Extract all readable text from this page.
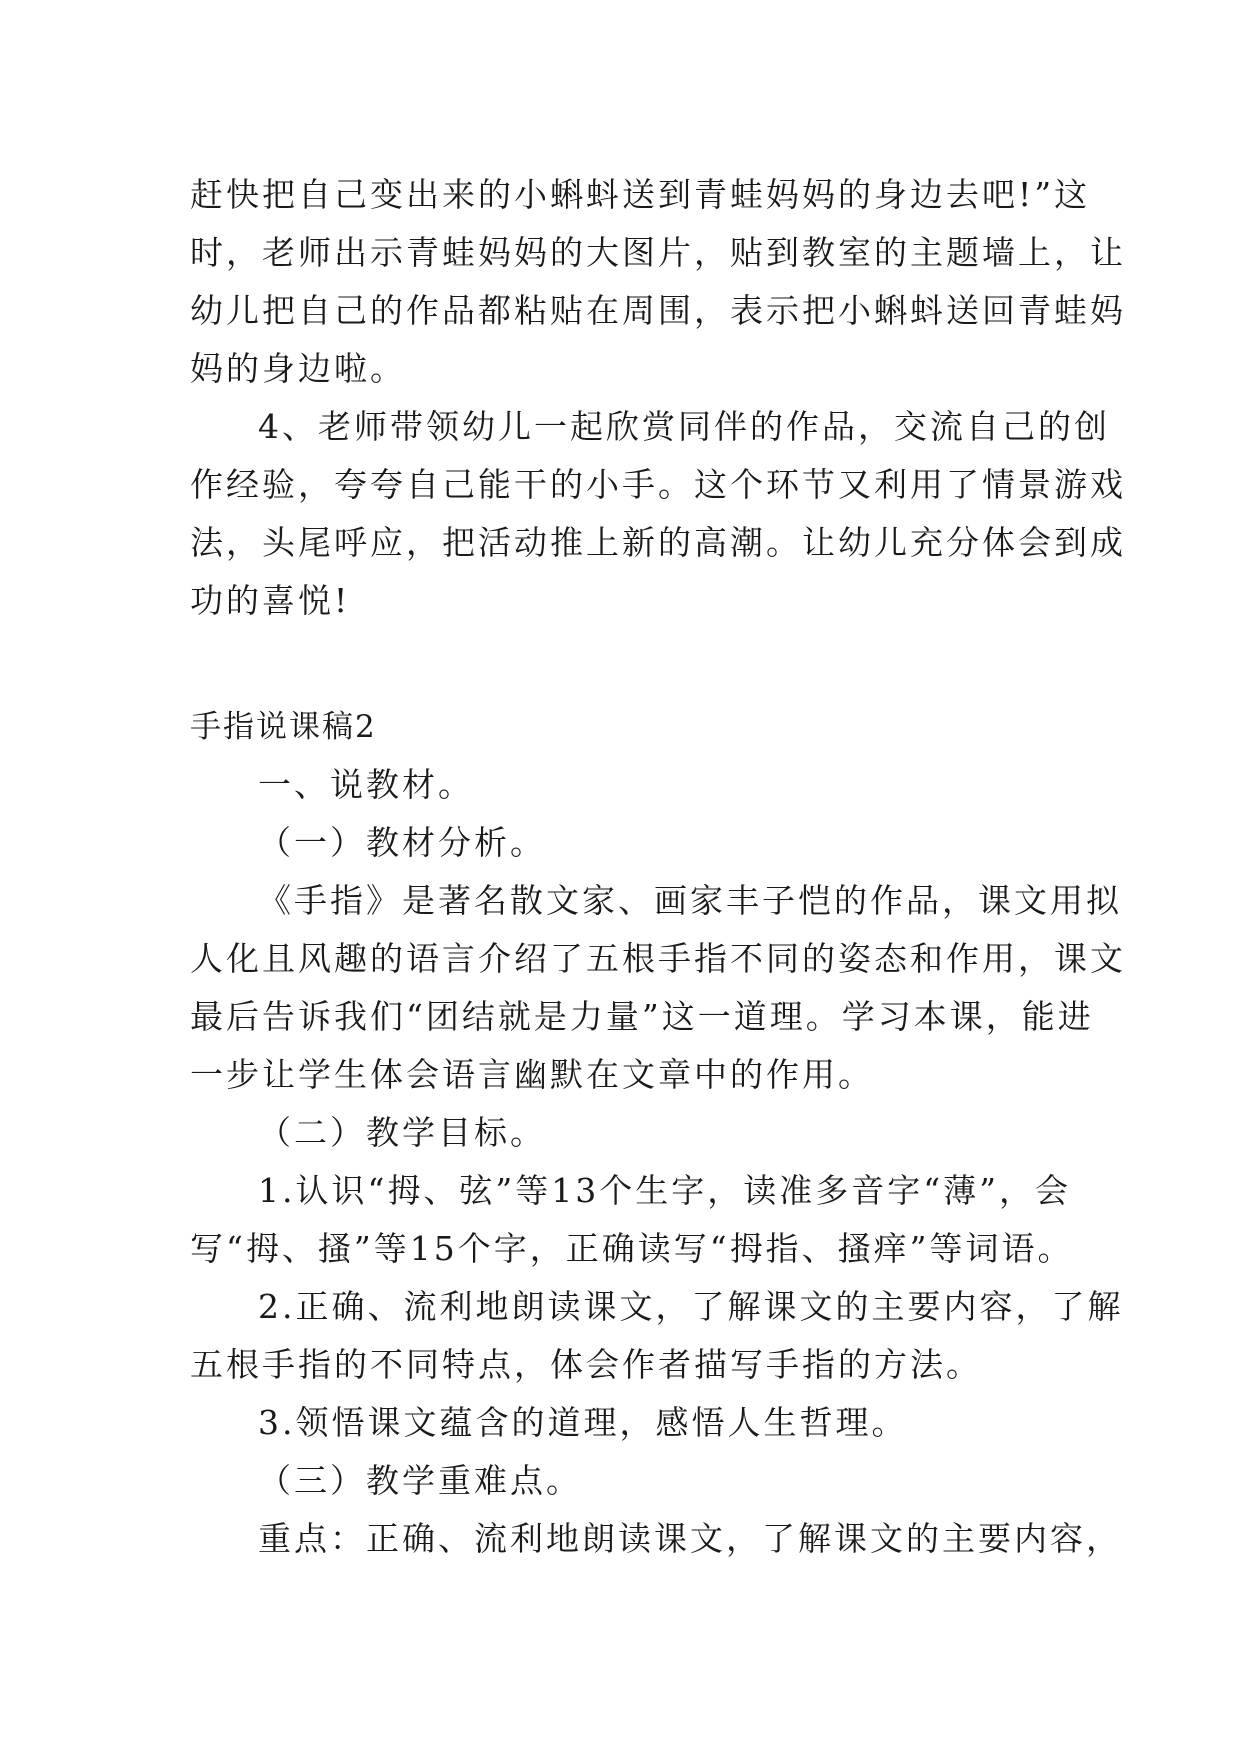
赶快把自己变出来的小蝌蚪送到青蛙妈妈的身边去吧!”这
时，老师出示青蛙妈妈的大图片，贴到教室的主题墙上，让
幼儿把自己的作品都粘贴在周围，表示把小蝌蚪送回青蛙妈
妈的身边啦。
4、老师带领幼儿一起欣赏同伴的作品，交流自己的创
作经验，夸夸自己能干的小手。这个环节又利用了情景游戏
法，头尾呼应，把活动推上新的高潮。让幼儿充分体会到成
功的喜悦!
手指说课稿2
一、说教材。
（一）教材分析。
《手指》是著名散文家、画家丰子恺的作品，课文用拟
人化且风趣的语言介绍了五根手指不同的姿态和作用，课文
最后告诉我们“团结就是力量”这一道理。学习本课，能进
一步让学生体会语言幽默在文章中的作用。
（二）教学目标。
1.认识“拇、弦”等13个生字，读准多音字“薄”，会
写“拇、搔”等15个字，正确读写“拇指、搔痒”等词语。
2.正确、流利地朗读课文，了解课文的主要内容，了解
五根手指的不同特点，体会作者描写手指的方法。
3.领悟课文蕴含的道理，感悟人生哲理。
（三）教学重难点。
重点：正确、流利地朗读课文，了解课文的主要内容，
